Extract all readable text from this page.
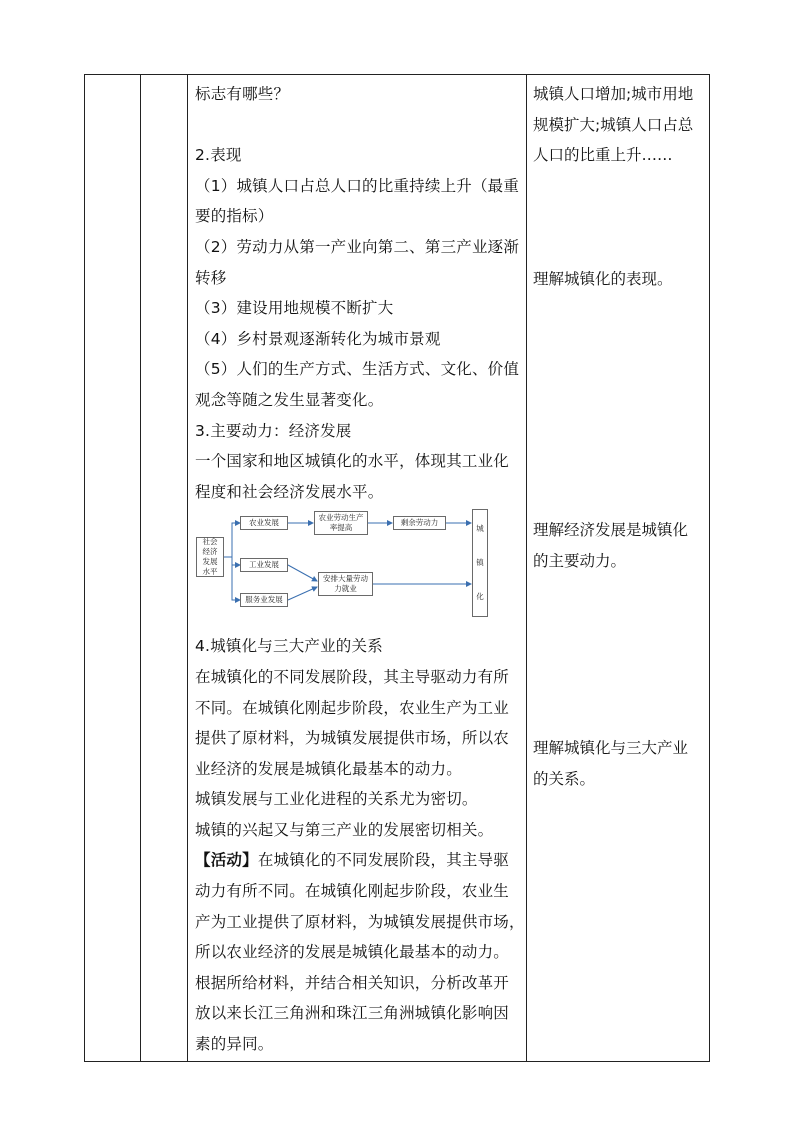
标志有哪些？
2.表现
（1）城镇人口占总人口的比重持续上升（最重
要的指标）
（2）劳动力从第一产业向第二、第三产业逐渐
转移
（3）建设用地规模不断扩大
（4）乡村景观逐渐转化为城市景观
（5）人们的生产方式、生活方式、文化、价值
观念等随之发生显著变化。
3.主要动力：经济发展
一个国家和地区城镇化的水平，体现其工业化
程度和社会经济发展水平。
社会
经济
发展
水平
农业发展
农业劳动生产
率提高
剩余劳动力
工业发展
服务业发展
安排大量劳动
力就业
城
镇
化
4.城镇化与三大产业的关系
在城镇化的不同发展阶段，其主导驱动力有所
不同。在城镇化刚起步阶段，农业生产为工业
提供了原材料，为城镇发展提供市场，所以农
业经济的发展是城镇化最基本的动力。
城镇发展与工业化进程的关系尤为密切。
城镇的兴起又与第三产业的发展密切相关。
【活动】在城镇化的不同发展阶段，其主导驱
动力有所不同。在城镇化刚起步阶段，农业生
产为工业提供了原材料，为城镇发展提供市场，
所以农业经济的发展是城镇化最基本的动力。
根据所给材料，并结合相关知识，分析改革开
放以来长江三角洲和珠江三角洲城镇化影响因
素的异同。
城镇人口增加;城市用地
规模扩大;城镇人口占总
人口的比重上升……
理解城镇化的表现。
理解经济发展是城镇化
的主要动力。
理解城镇化与三大产业
的关系。
